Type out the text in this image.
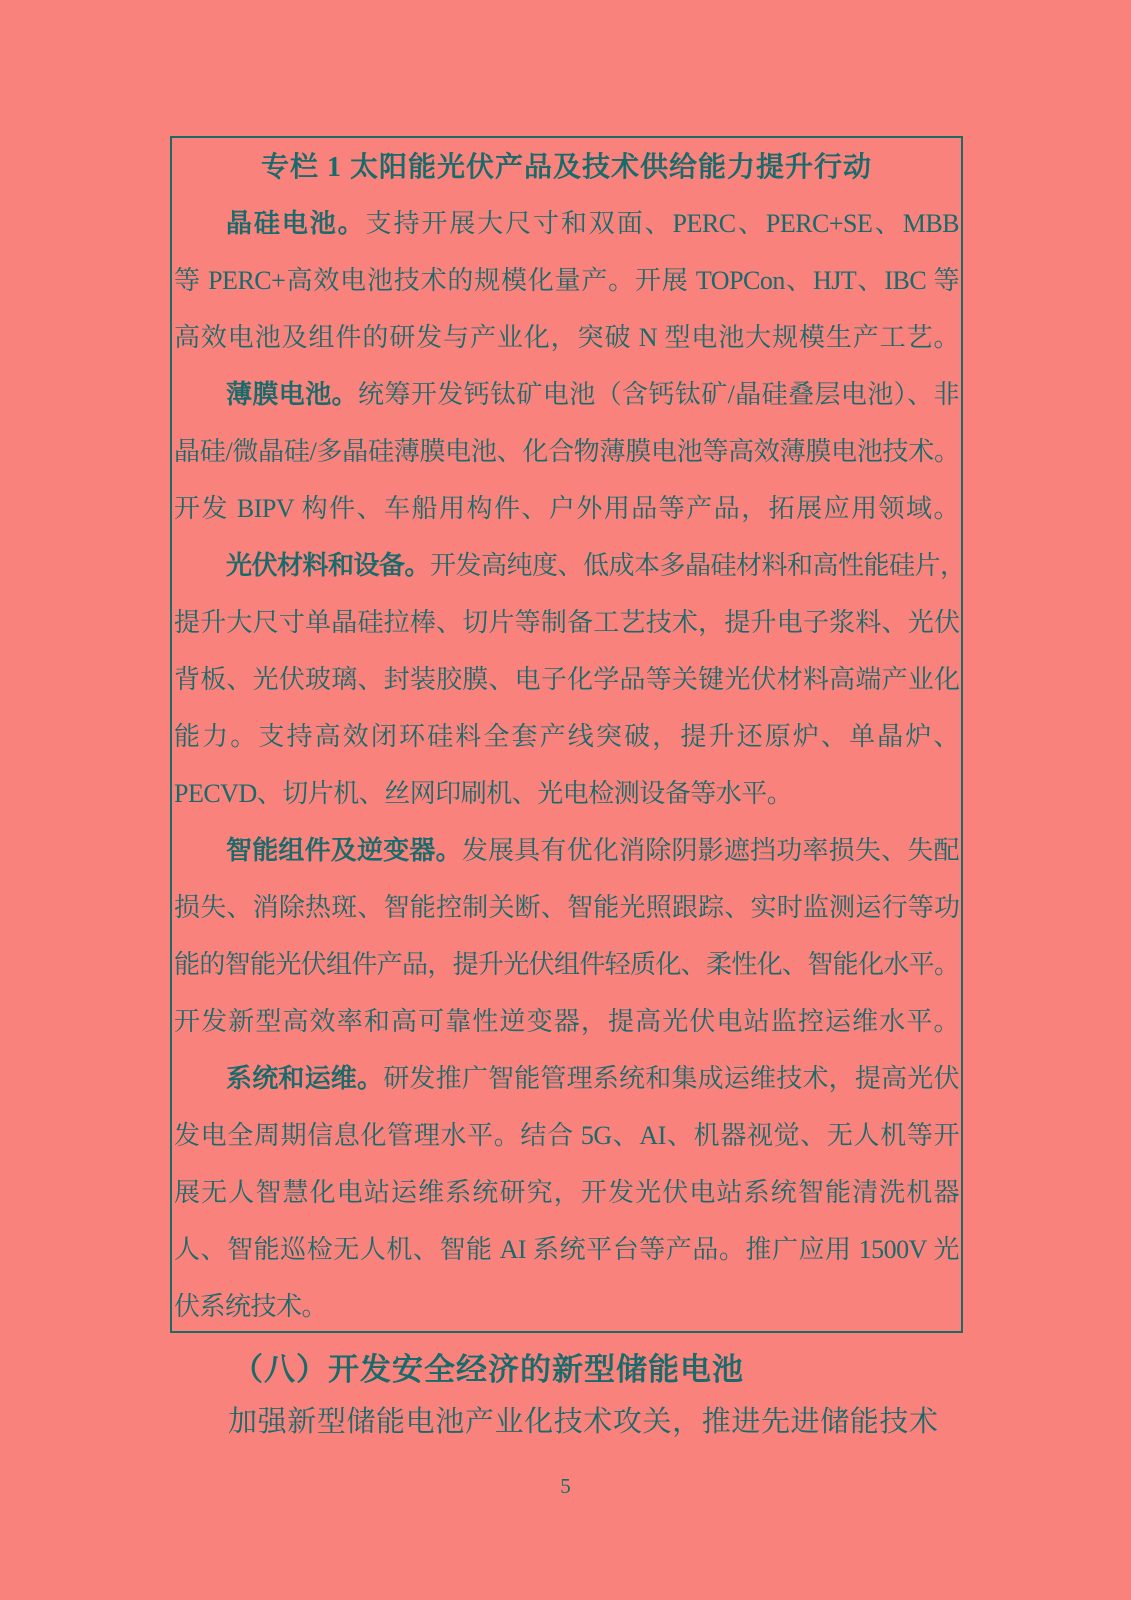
专栏 1 太阳能光伏产品及技术供给能力提升行动
晶硅电池。支持开展大尺寸和双面、PERC、PERC+SE、MBB
等 PERC+高效电池技术的规模化量产。开展 TOPCon、HJT、IBC 等
高效电池及组件的研发与产业化，突破 N 型电池大规模生产工艺。
薄膜电池。统筹开发钙钛矿电池（含钙钛矿/晶硅叠层电池）、非
晶硅/微晶硅/多晶硅薄膜电池、化合物薄膜电池等高效薄膜电池技术。
开发 BIPV 构件、车船用构件、户外用品等产品，拓展应用领域。
光伏材料和设备。开发高纯度、低成本多晶硅材料和高性能硅片，
提升大尺寸单晶硅拉棒、切片等制备工艺技术，提升电子浆料、光伏
背板、光伏玻璃、封装胶膜、电子化学品等关键光伏材料高端产业化
能力。支持高效闭环硅料全套产线突破，提升还原炉、单晶炉、
PECVD、切片机、丝网印刷机、光电检测设备等水平。
智能组件及逆变器。发展具有优化消除阴影遮挡功率损失、失配
损失、消除热斑、智能控制关断、智能光照跟踪、实时监测运行等功
能的智能光伏组件产品，提升光伏组件轻质化、柔性化、智能化水平。
开发新型高效率和高可靠性逆变器，提高光伏电站监控运维水平。
系统和运维。研发推广智能管理系统和集成运维技术，提高光伏
发电全周期信息化管理水平。结合 5G、AI、机器视觉、无人机等开
展无人智慧化电站运维系统研究，开发光伏电站系统智能清洗机器
人、智能巡检无人机、智能 AI 系统平台等产品。推广应用 1500V 光
伏系统技术。
（八）开发安全经济的新型储能电池
加强新型储能电池产业化技术攻关，推进先进储能技术
5
